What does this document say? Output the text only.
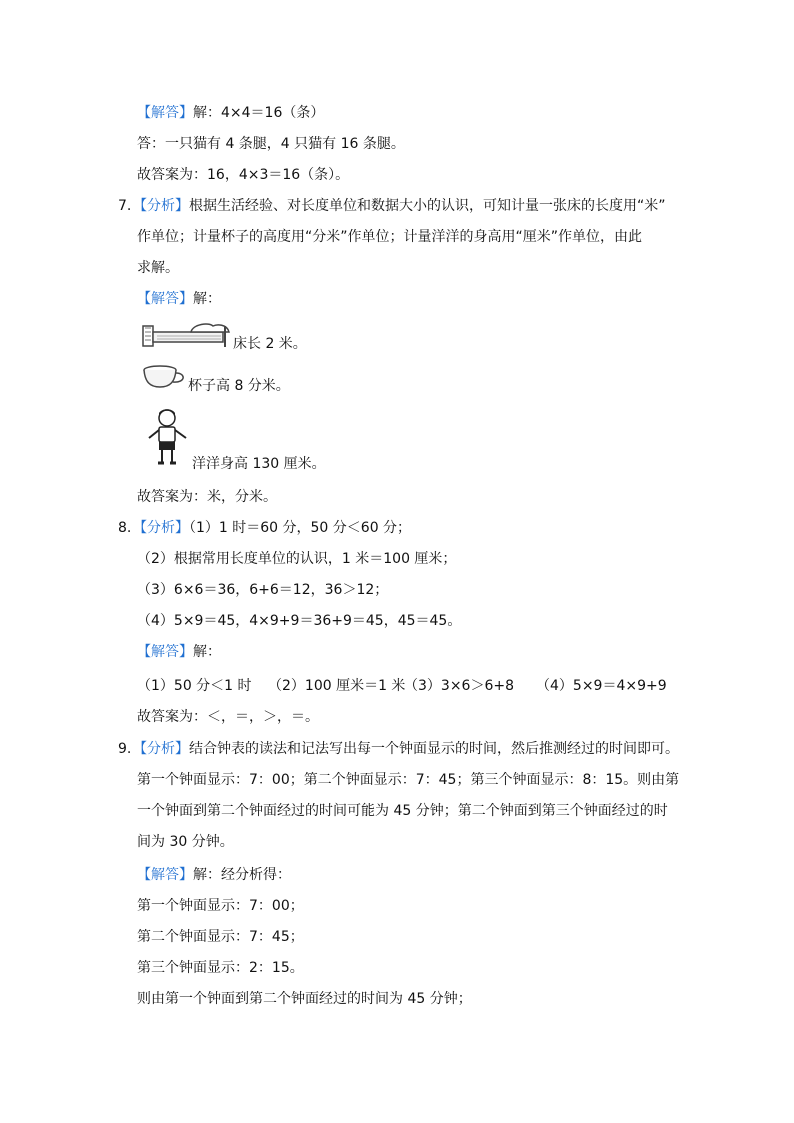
【解答】解：4×4＝16（条）
答：一只猫有 4 条腿，4 只猫有 16 条腿。
故答案为：16，4×3＝16（条）。
7. 【分析】根据生活经验、对长度单位和数据大小的认识，可知计量一张床的长度用“米”
作单位；计量杯子的高度用“分米”作单位；计量洋洋的身高用“厘米”作单位，由此
求解。
【解答】解：
床长 2 米。
杯子高 8 分米。
洋洋身高 130 厘米。
故答案为：米，分米。
8. 【分析】（1）1 时＝60 分，50 分＜60 分；
（2）根据常用长度单位的认识，1 米＝100 厘米；
（3）6×6＝36，6+6＝12，36＞12；
（4）5×9＝45，4×9+9＝36+9＝45，45＝45。
【解答】解：
（1）50 分＜1 时 （2）100 厘米＝1 米
（3）3×6＞6+8 （4）5×9＝4×9+9
故答案为：＜，＝，＞，＝。
9. 【分析】结合钟表的读法和记法写出每一个钟面显示的时间，然后推测经过的时间即可。
第一个钟面显示：7：00；第二个钟面显示：7：45；第三个钟面显示：8：15。则由第
一个钟面到第二个钟面经过的时间可能为 45 分钟；第二个钟面到第三个钟面经过的时
间为 30 分钟。
【解答】解：经分析得：
第一个钟面显示：7：00；
第二个钟面显示：7：45；
第三个钟面显示：2：15。
则由第一个钟面到第二个钟面经过的时间为 45 分钟；
